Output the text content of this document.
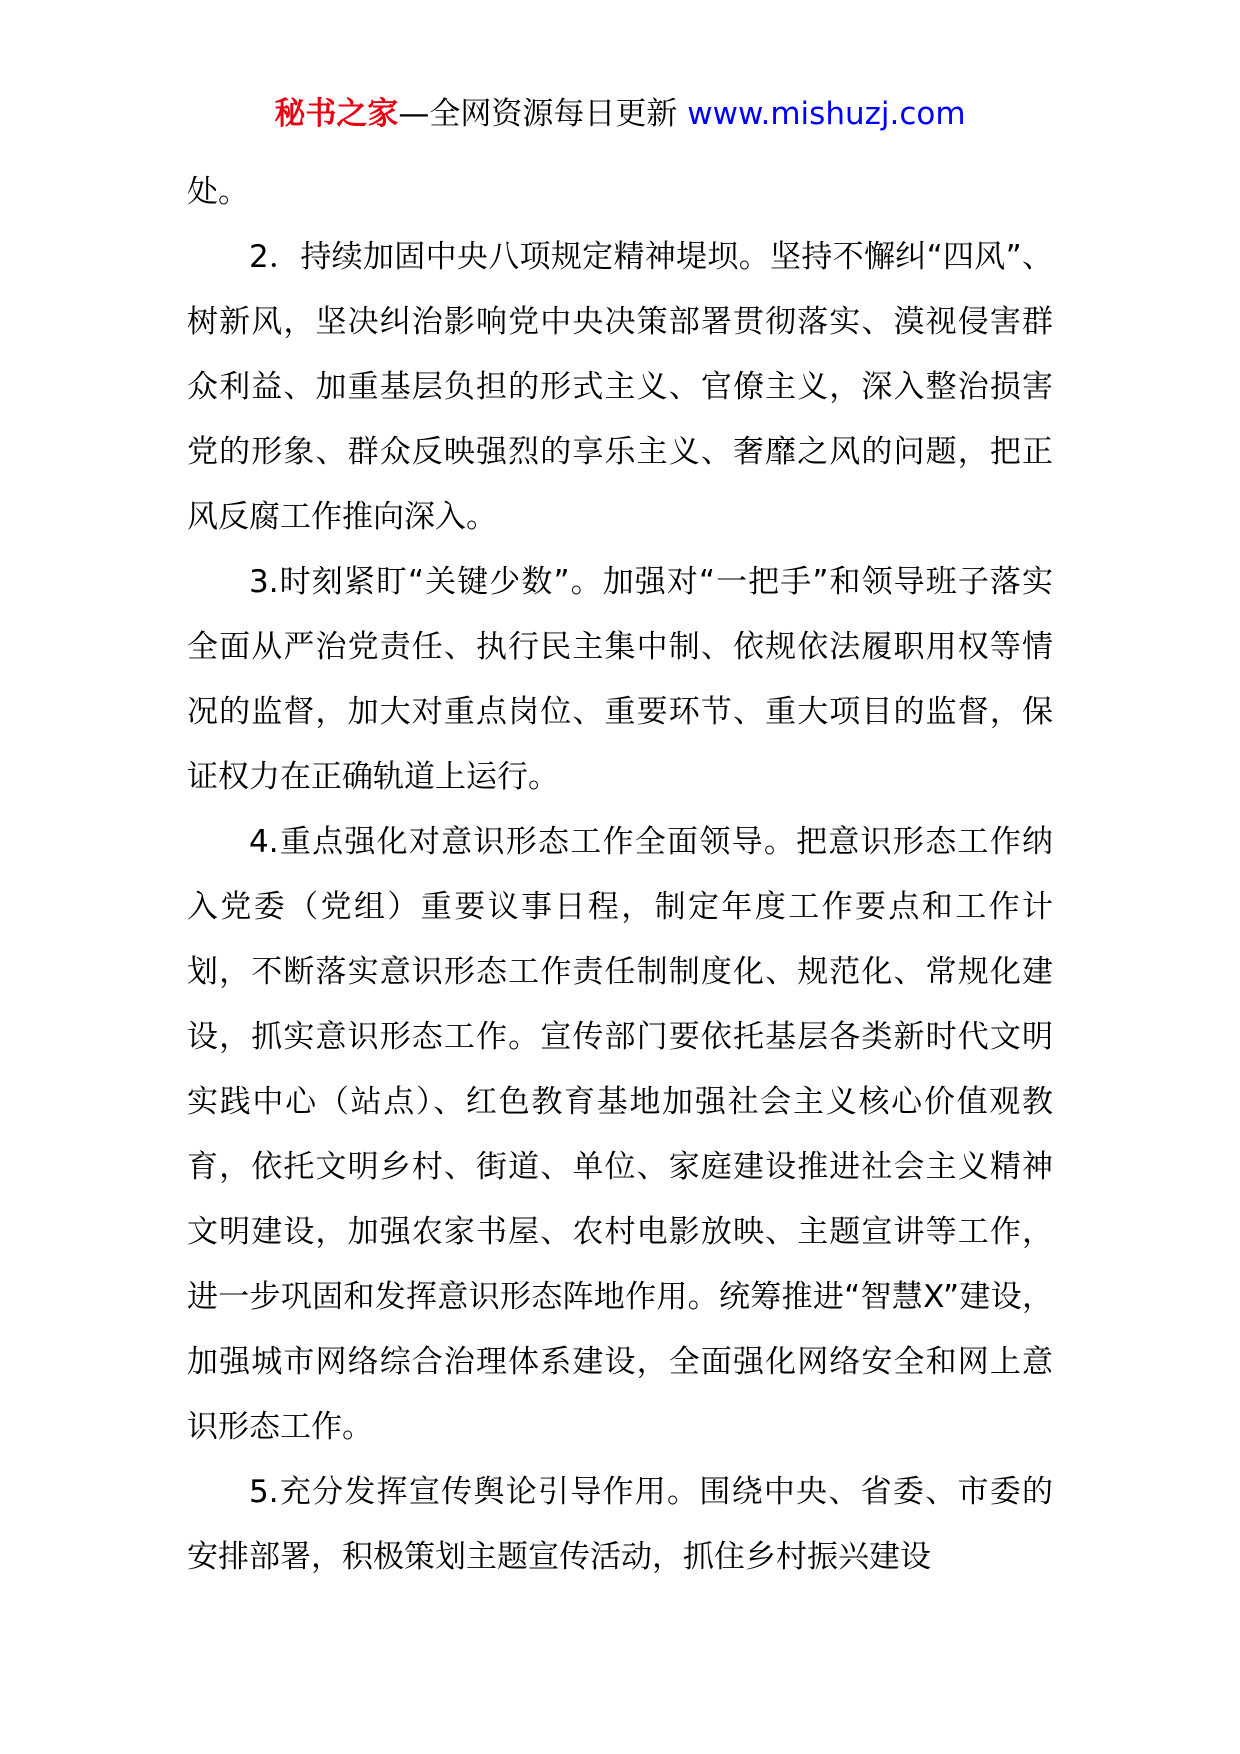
秘书之家—全网资源每日更新 www.mishuzj.com

处。

2．持续加固中央八项规定精神堤坝。坚持不懈纠“四风”、树新风，坚决纠治影响党中央决策部署贯彻落实、漠视侵害群众利益、加重基层负担的形式主义、官僚主义，深入整治损害党的形象、群众反映强烈的享乐主义、奢靡之风的问题，把正风反腐工作推向深入。

3.时刻紧盯“关键少数”。加强对“一把手”和领导班子落实全面从严治党责任、执行民主集中制、依规依法履职用权等情况的监督，加大对重点岗位、重要环节、重大项目的监督，保证权力在正确轨道上运行。

4.重点强化对意识形态工作全面领导。把意识形态工作纳入党委（党组）重要议事日程，制定年度工作要点和工作计划，不断落实意识形态工作责任制制度化、规范化、常规化建设，抓实意识形态工作。宣传部门要依托基层各类新时代文明实践中心（站点）、红色教育基地加强社会主义核心价值观教育，依托文明乡村、街道、单位、家庭建设推进社会主义精神文明建设，加强农家书屋、农村电影放映、主题宣讲等工作，进一步巩固和发挥意识形态阵地作用。统筹推进“智慧X”建设，加强城市网络综合治理体系建设，全面强化网络安全和网上意识形态工作。

5.充分发挥宣传舆论引导作用。围绕中央、省委、市委的安排部署，积极策划主题宣传活动，抓住乡村振兴建设
